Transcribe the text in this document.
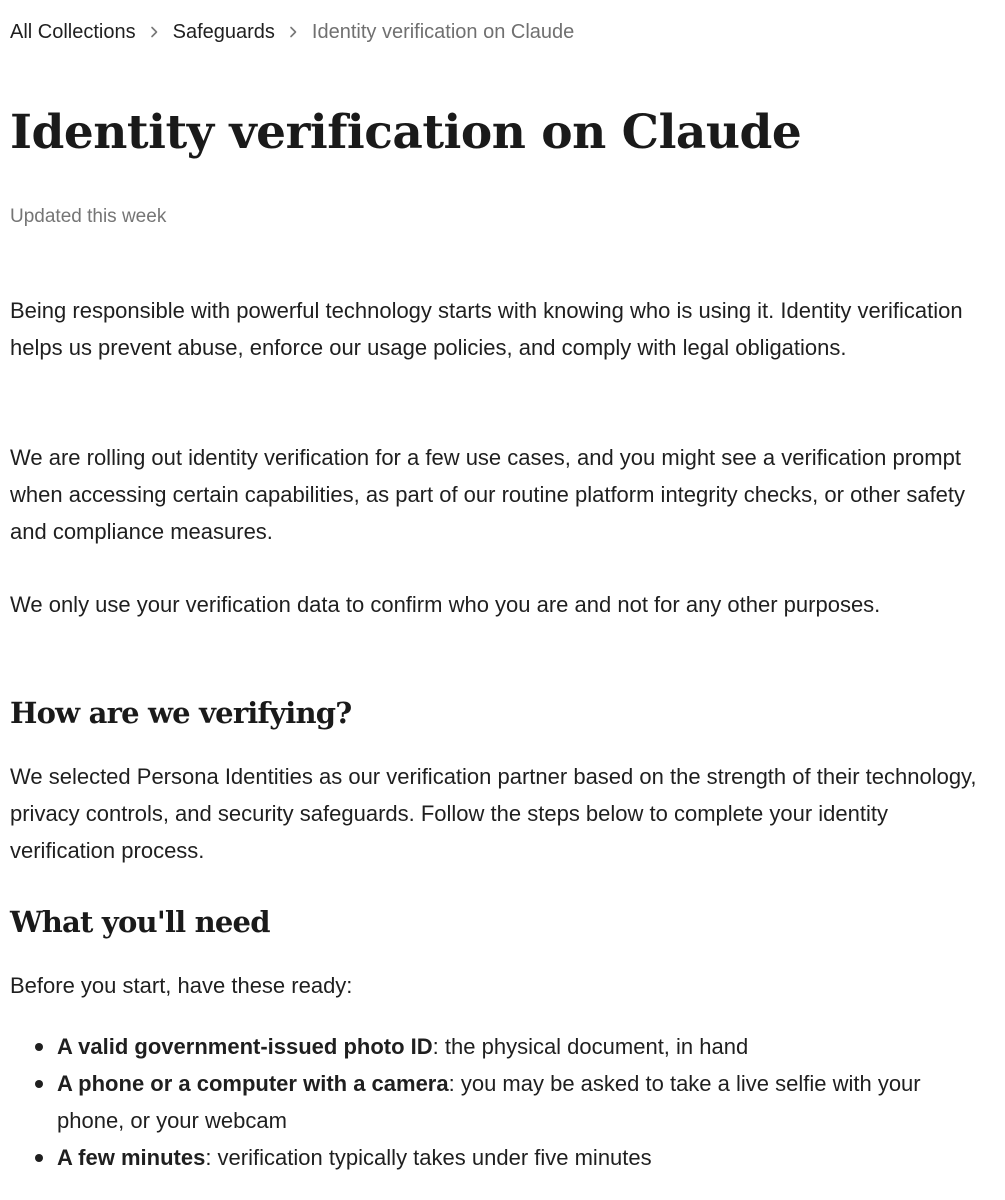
All Collections Safeguards Identity verification on Claude
Identity verification on Claude
Updated this week

Being responsible with powerful technology starts with knowing who is using it. Identity verification helps us prevent abuse, enforce our usage policies, and comply with legal obligations.

We are rolling out identity verification for a few use cases, and you might see a verification prompt when accessing certain capabilities, as part of our routine platform integrity checks, or other safety and compliance measures.

We only use your verification data to confirm who you are and not for any other purposes.

How are we verifying?

We selected Persona Identities as our verification partner based on the strength of their technology, privacy controls, and security safeguards. Follow the steps below to complete your identity verification process.

What you'll need

Before you start, have these ready:

A valid government-issued photo ID: the physical document, in hand
A phone or a computer with a camera: you may be asked to take a live selfie with your phone, or your webcam
A few minutes: verification typically takes under five minutes
